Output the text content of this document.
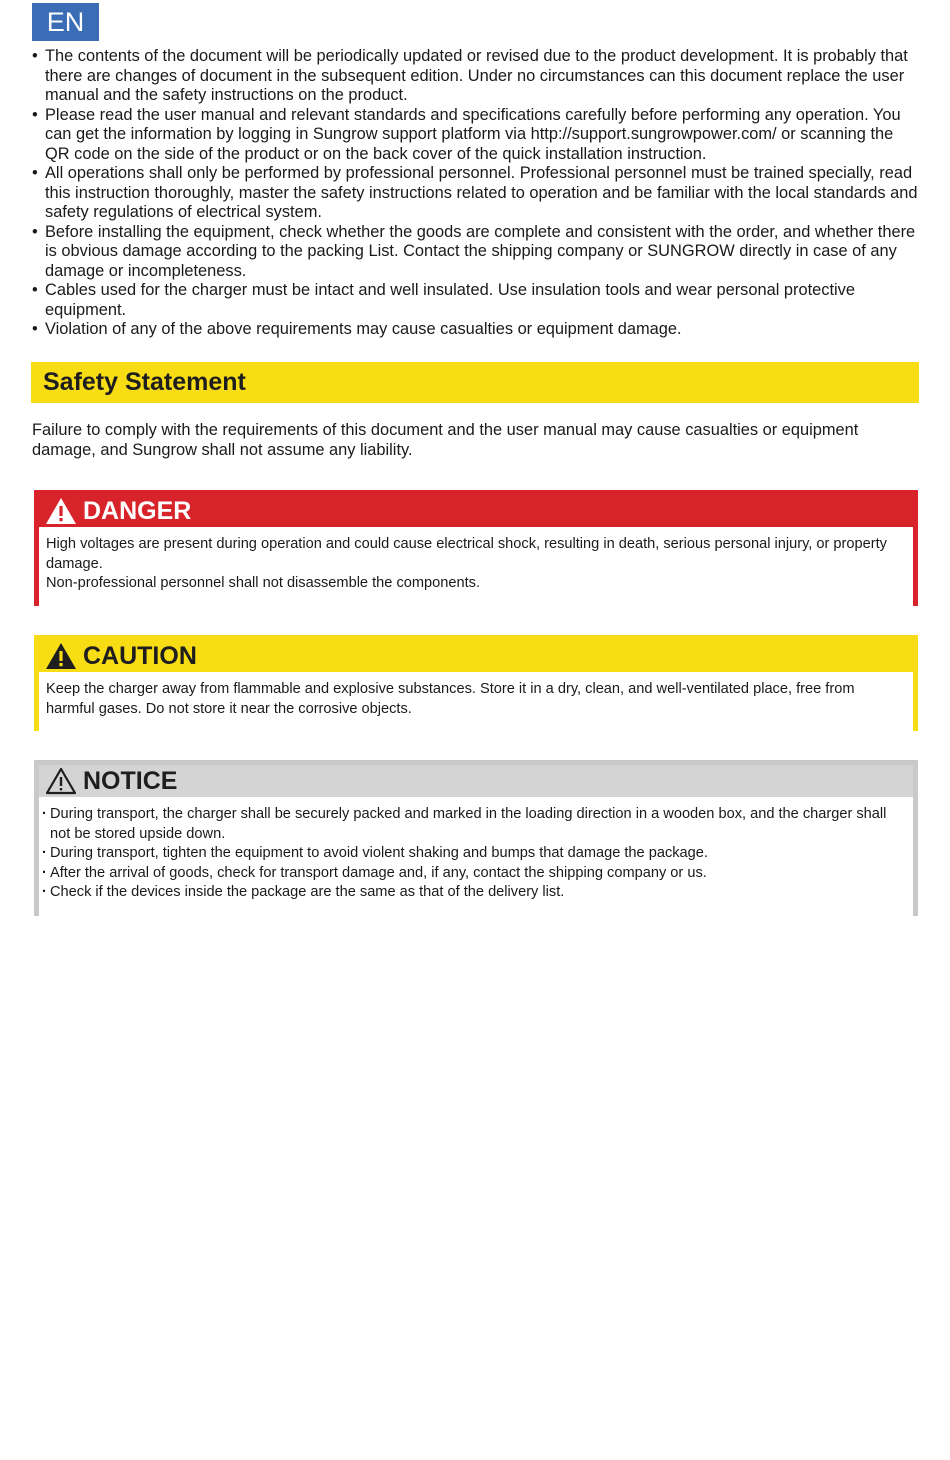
EN
• The contents of the document will be periodically updated or revised due to the product development. It is probably that there are changes of document in the subsequent edition. Under no circumstances can this document replace the user manual and the safety instructions on the product.
• Please read the user manual and relevant standards and specifications carefully before performing any operation. You can get the information by logging in Sungrow support platform via http://support.sungrowpower.com/ or scanning the QR code on the side of the product or on the back cover of the quick installation instruction.
• All operations shall only be performed by professional personnel. Professional personnel must be trained specially, read this instruction thoroughly, master the safety instructions related to operation and be familiar with the local standards and safety regulations of electrical system.
• Before installing the equipment, check whether the goods are complete and consistent with the order, and whether there is obvious damage according to the packing List. Contact the shipping company or SUNGROW directly in case of any damage or incompleteness.
• Cables used for the charger must be intact and well insulated. Use insulation tools and wear personal protective equipment.
• Violation of any of the above requirements may cause casualties or equipment damage.
Safety Statement

Failure to comply with the requirements of this document and the user manual may cause casualties or equipment damage, and Sungrow shall not assume any liability.

DANGER
High voltages are present during operation and could cause electrical shock, resulting in death, serious personal injury, or property damage.
Non-professional personnel shall not disassemble the components.
CAUTION
Keep the charger away from flammable and explosive substances. Store it in a dry, clean, and well-ventilated place, free from harmful gases. Do not store it near the corrosive objects.
NOTICE
· During transport, the charger shall be securely packed and marked in the loading direction in a wooden box, and the charger shall not be stored upside down.
· During transport, tighten the equipment to avoid violent shaking and bumps that damage the package.
· After the arrival of goods, check for transport damage and, if any, contact the shipping company or us.
· Check if the devices inside the package are the same as that of the delivery list.
